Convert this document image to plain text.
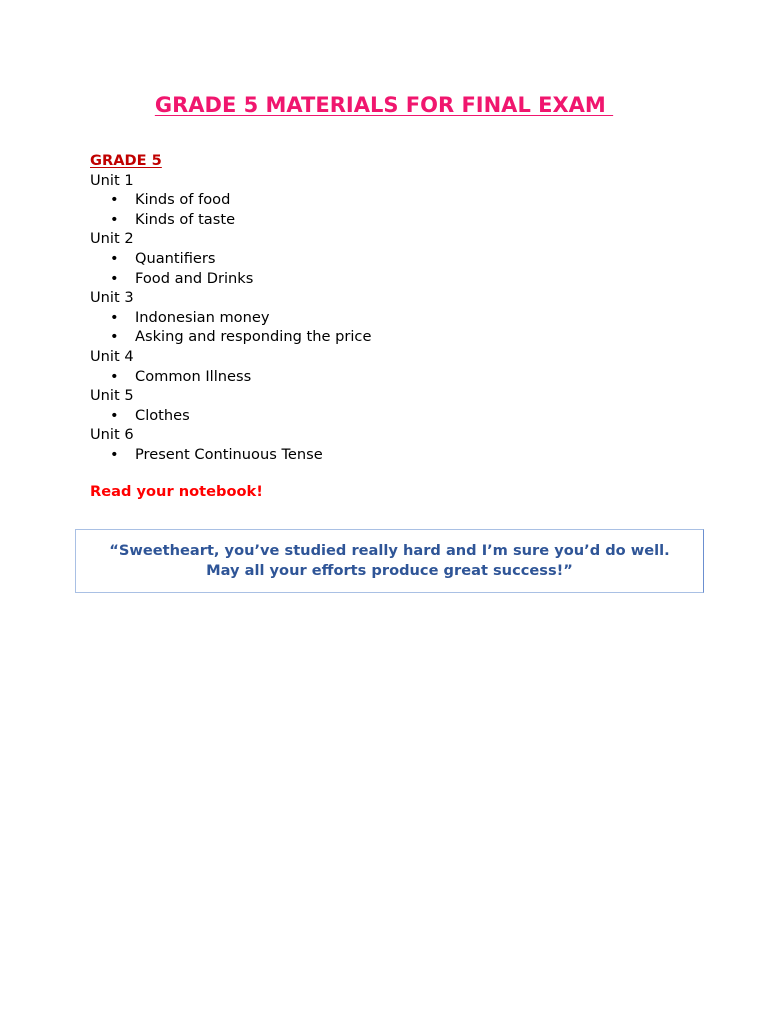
GRADE 5 MATERIALS FOR FINAL EXAM
GRADE 5
Unit 1
• Kinds of food
• Kinds of taste
Unit 2
• Quantifiers
• Food and Drinks
Unit 3
• Indonesian money
• Asking and responding the price
Unit 4
• Common Illness
Unit 5
• Clothes
Unit 6
• Present Continuous Tense
Read your notebook!
“Sweetheart, you’ve studied really hard and I’m sure you’d do well.
May all your efforts produce great success!”
